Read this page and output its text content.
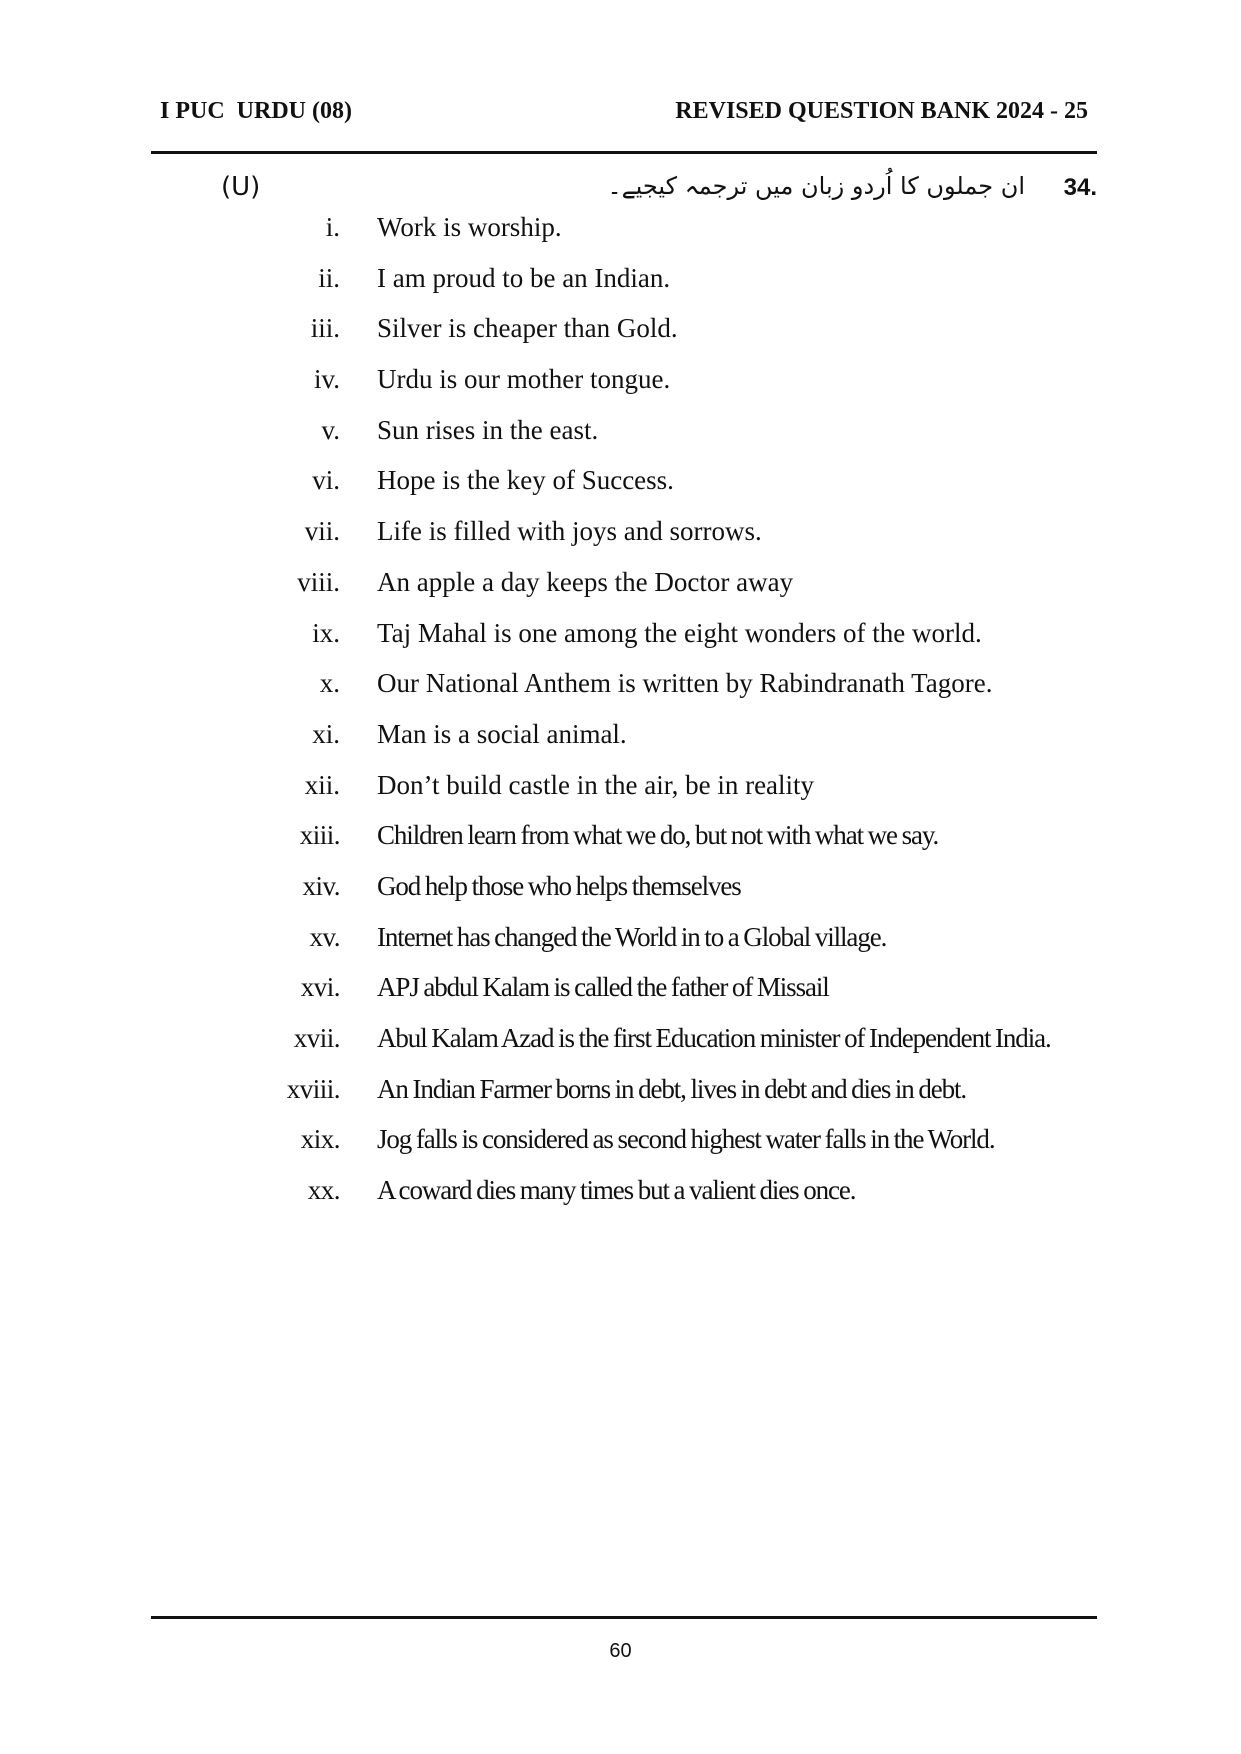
I PUC  URDU (08)	REVISED QUESTION BANK 2024 - 25
(U)	ان جملوں کا اُردو زبان میں ترجمہ کیجیے۔ 34.
i. Work is worship.
ii. I am proud to be an Indian.
iii. Silver is cheaper than Gold.
iv. Urdu is our mother tongue.
v. Sun rises in the east.
vi. Hope is the key of Success.
vii. Life is filled with joys and sorrows.
viii. An apple a day keeps the Doctor away
ix. Taj Mahal is one among the eight wonders of the world.
x. Our National Anthem is written by Rabindranath Tagore.
xi. Man is a social animal.
xii. Don’t build castle in the air, be in reality
xiii. Children learn from what we do, but not with what we say.
xiv. God help those who helps themselves
xv. Internet has changed the World in to a Global village.
xvi. APJ abdul Kalam is called the father of Missail
xvii. Abul Kalam Azad is the first Education minister of Independent India.
xviii. An Indian Farmer borns in debt, lives in debt and dies in debt.
xix. Jog falls is considered as second highest water falls in the World.
xx. A coward dies many times but a valient dies once.
60
